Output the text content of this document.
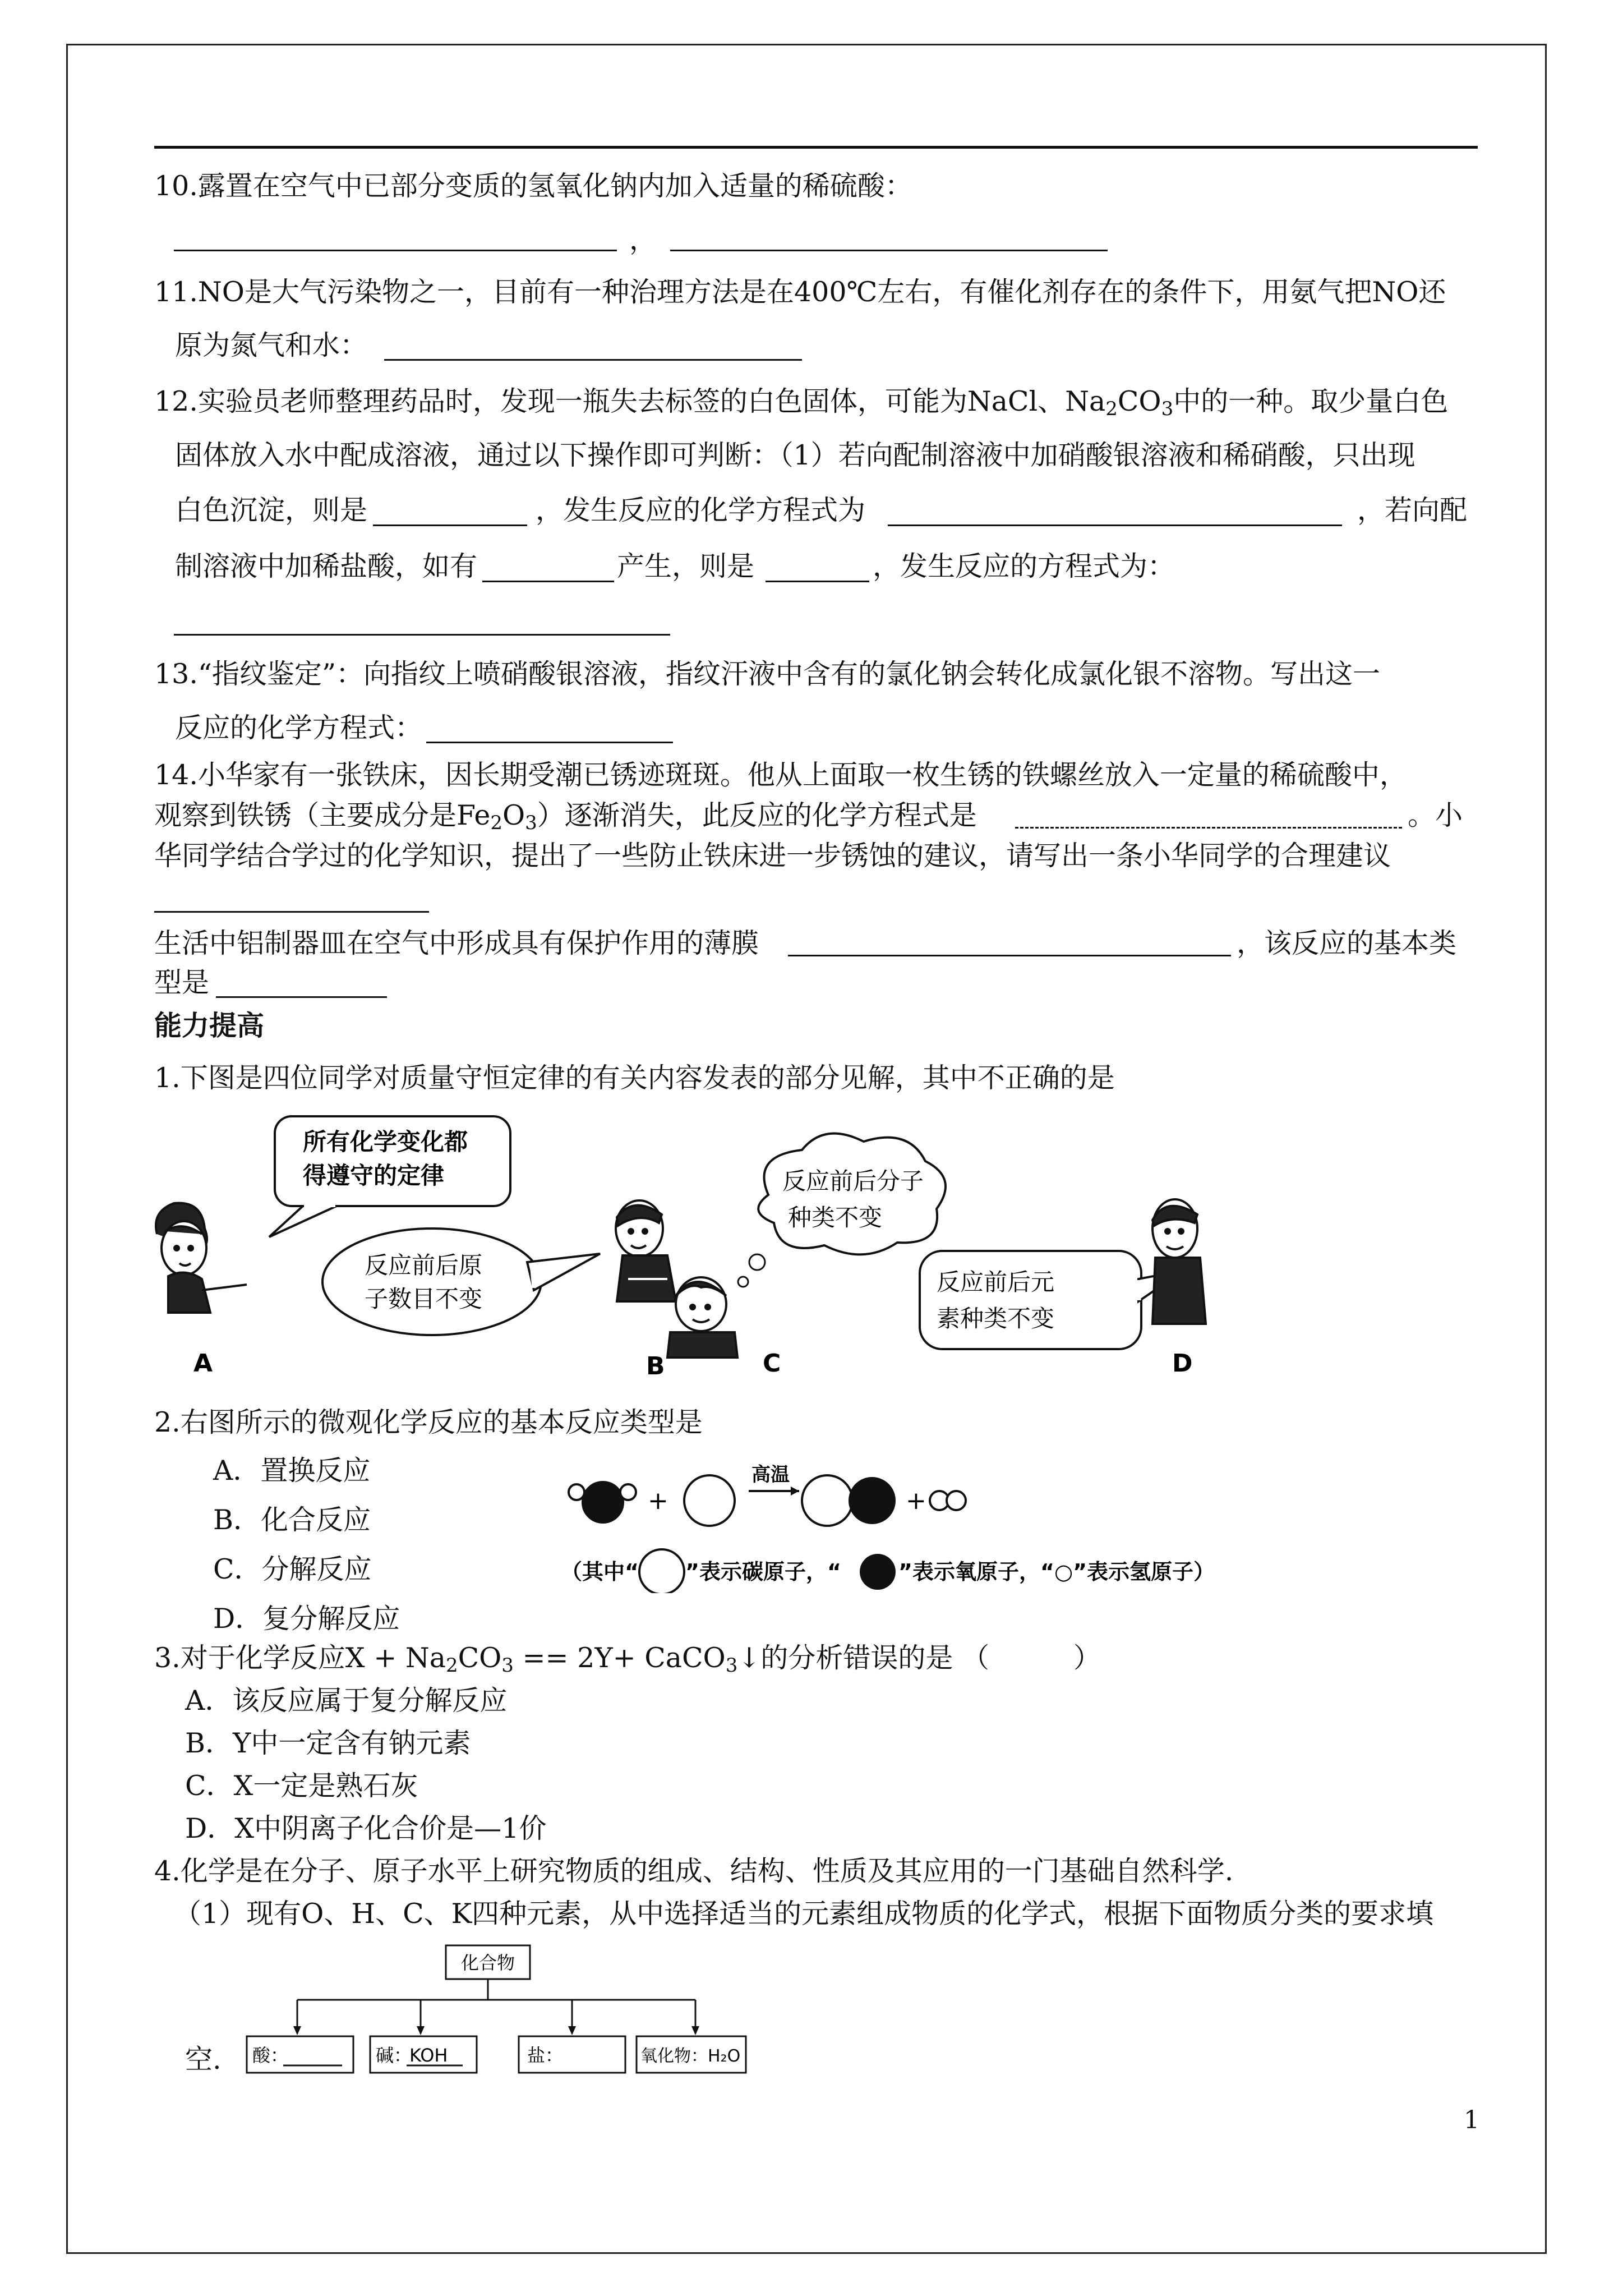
10.露置在空气中已部分变质的氢氧化钠内加入适量的稀硫酸：
，
11.NO是大气污染物之一，目前有一种治理方法是在400℃左右，有催化剂存在的条件下，用氨气把NO还
原为氮气和水：
12.实验员老师整理药品时，发现一瓶失去标签的白色固体，可能为NaCl、$Na_2CO_3$中的一种。取少量白色
固体放入水中配成溶液，通过以下操作即可判断：（1）若向配制溶液中加硝酸银溶液和稀硝酸，只出现
白色沉淀，则是	，发生反应的化学方程式为	，若向配
制溶液中加稀盐酸，如有	产生，则是	，发生反应的方程式为：
13.“指纹鉴定”：向指纹上喷硝酸银溶液，指纹汗液中含有的氯化钠会转化成氯化银不溶物。写出这一
反应的化学方程式：
14.小华家有一张铁床，因长期受潮已锈迹斑斑。他从上面取一枚生锈的铁螺丝放入一定量的稀硫酸中，
观察到铁锈（主要成分是$Fe_2O_3$）逐渐消失，此反应的化学方程式是	。小
华同学结合学过的化学知识，提出了一些防止铁床进一步锈蚀的建议，请写出一条小华同学的合理建议
生活中铝制器皿在空气中形成具有保护作用的薄膜	，该反应的基本类
型是
能力提高
1.下图是四位同学对质量守恒定律的有关内容发表的部分见解，其中不正确的是
所有化学变化都
得遵守的定律
反应前后原
子数目不变
反应前后分子
种类不变
反应前后元
素种类不变
A	B	C	D
2.右图所示的微观化学反应的基本反应类型是
A．置换反应
B．化合反应
C．分解反应
D．复分解反应
+
高温
+
（其中“ ”表示碳原子，“	”表示氧原子，“○”表示氢原子）
3.对于化学反应$X + Na_2CO_3 == 2Y+$ CaCO$_3$↓的分析错误的是 （	）
A．该反应属于复分解反应
B．Y中一定含有钠元素
C．X一定是熟石灰
D．X中阴离子化合价是—1价
4.化学是在分子、原子水平上研究物质的组成、结构、性质及其应用的一门基础自然科学.
（1）现有O、H、C、K四种元素，从中选择适当的元素组成物质的化学式，根据下面物质分类的要求填
化合物
酸：	碱：
KOH	盐：	氧化物：H₂O
空.
1
